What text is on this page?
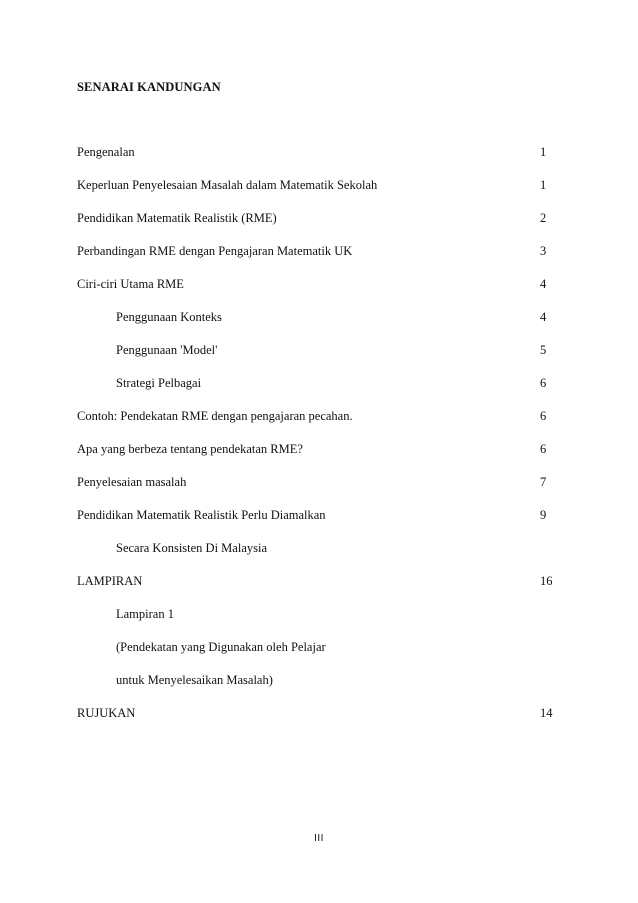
SENARAI KANDUNGAN
Pengenalan	1
Keperluan Penyelesaian Masalah dalam Matematik Sekolah	1
Pendidikan Matematik Realistik (RME)	2
Perbandingan RME dengan Pengajaran Matematik UK	3
Ciri-ciri Utama RME	4
Penggunaan Konteks	4
Penggunaan 'Model'	5
Strategi Pelbagai	6
Contoh: Pendekatan RME dengan pengajaran pecahan.	6
Apa yang berbeza tentang pendekatan RME?	6
Penyelesaian masalah	7
Pendidikan Matematik Realistik Perlu Diamalkan	9
Secara Konsisten Di Malaysia
LAMPIRAN	16
Lampiran 1
(Pendekatan yang Digunakan oleh Pelajar
untuk Menyelesaikan Masalah)
RUJUKAN	14
III
